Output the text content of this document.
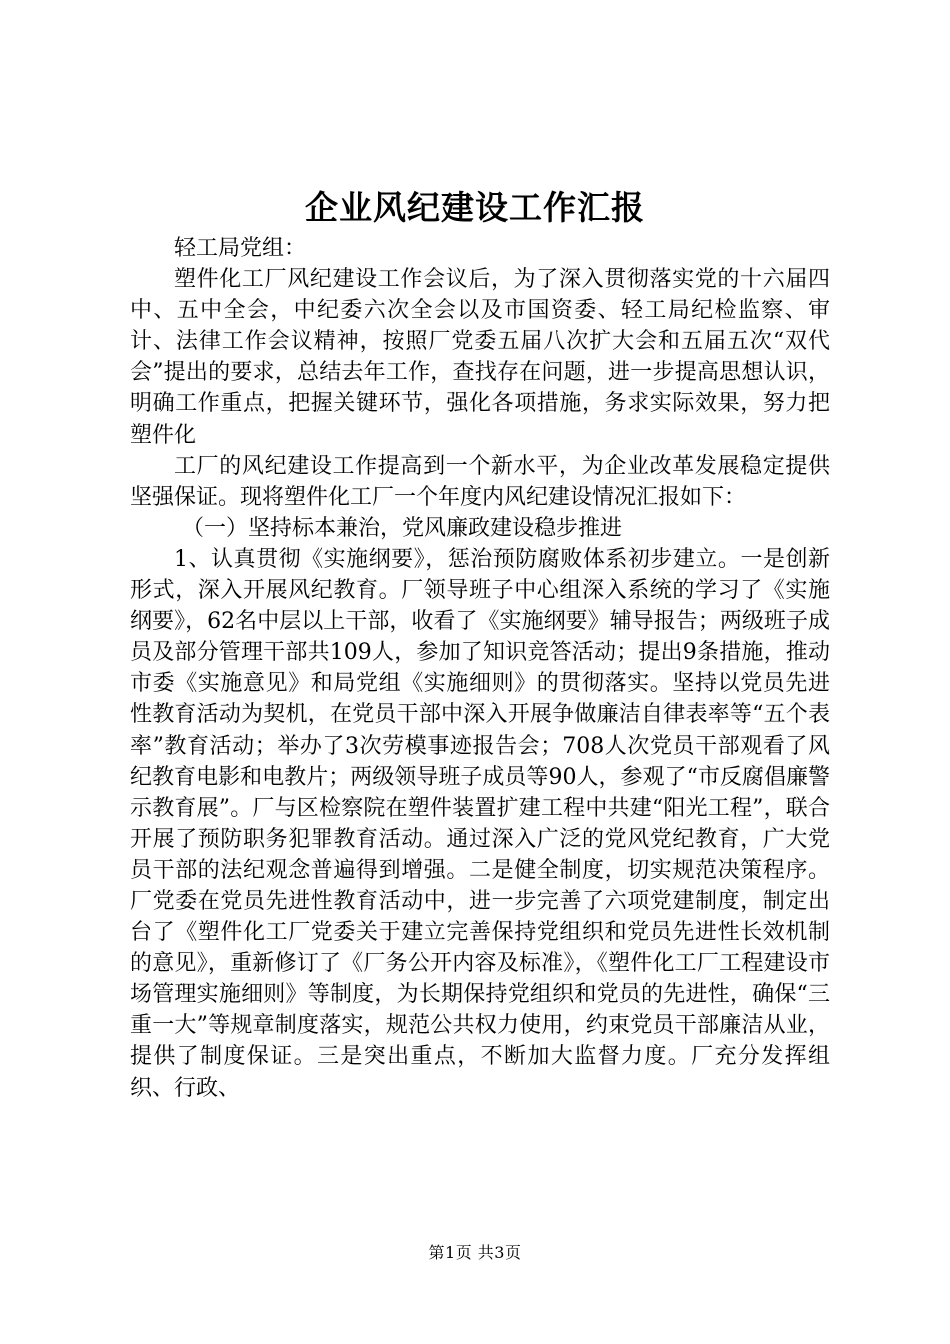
企业风纪建设工作汇报

轻工局党组：

塑件化工厂风纪建设工作会议后，为了深入贯彻落实党的十六届四中、五中全会，中纪委六次全会以及市国资委、轻工局纪检监察、审计、法律工作会议精神，按照厂党委五届八次扩大会和五届五次“双代会”提出的要求，总结去年工作，查找存在问题，进一步提高思想认识，明确工作重点，把握关键环节，强化各项措施，务求实际效果，努力把塑件化

工厂的风纪建设工作提高到一个新水平，为企业改革发展稳定提供坚强保证。现将塑件化工厂一个年度内风纪建设情况汇报如下：

（一）坚持标本兼治，党风廉政建设稳步推进

1、认真贯彻《实施纲要》，惩治预防腐败体系初步建立。一是创新形式，深入开展风纪教育。厂领导班子中心组深入系统的学习了《实施纲要》，62名中层以上干部，收看了《实施纲要》辅导报告；两级班子成员及部分管理干部共109人，参加了知识竞答活动；提出9条措施，推动市委《实施意见》和局党组《实施细则》的贯彻落实。坚持以党员先进性教育活动为契机，在党员干部中深入开展争做廉洁自律表率等“五个表率”教育活动；举办了3次劳模事迹报告会；708人次党员干部观看了风纪教育电影和电教片；两级领导班子成员等90人，参观了“市反腐倡廉警示教育展”。厂与区检察院在塑件装置扩建工程中共建“阳光工程”，联合开展了预防职务犯罪教育活动。通过深入广泛的党风党纪教育，广大党员干部的法纪观念普遍得到增强。二是健全制度，切实规范决策程序。厂党委在党员先进性教育活动中，进一步完善了六项党建制度，制定出台了《塑件化工厂党委关于建立完善保持党组织和党员先进性长效机制的意见》，重新修订了《厂务公开内容及标准》，《塑件化工厂工程建设市场管理实施细则》等制度，为长期保持党组织和党员的先进性，确保“三重一大”等规章制度落实，规范公共权力使用，约束党员干部廉洁从业，提供了制度保证。三是突出重点，不断加大监督力度。厂充分发挥组织、行政、

第1页 共3页
